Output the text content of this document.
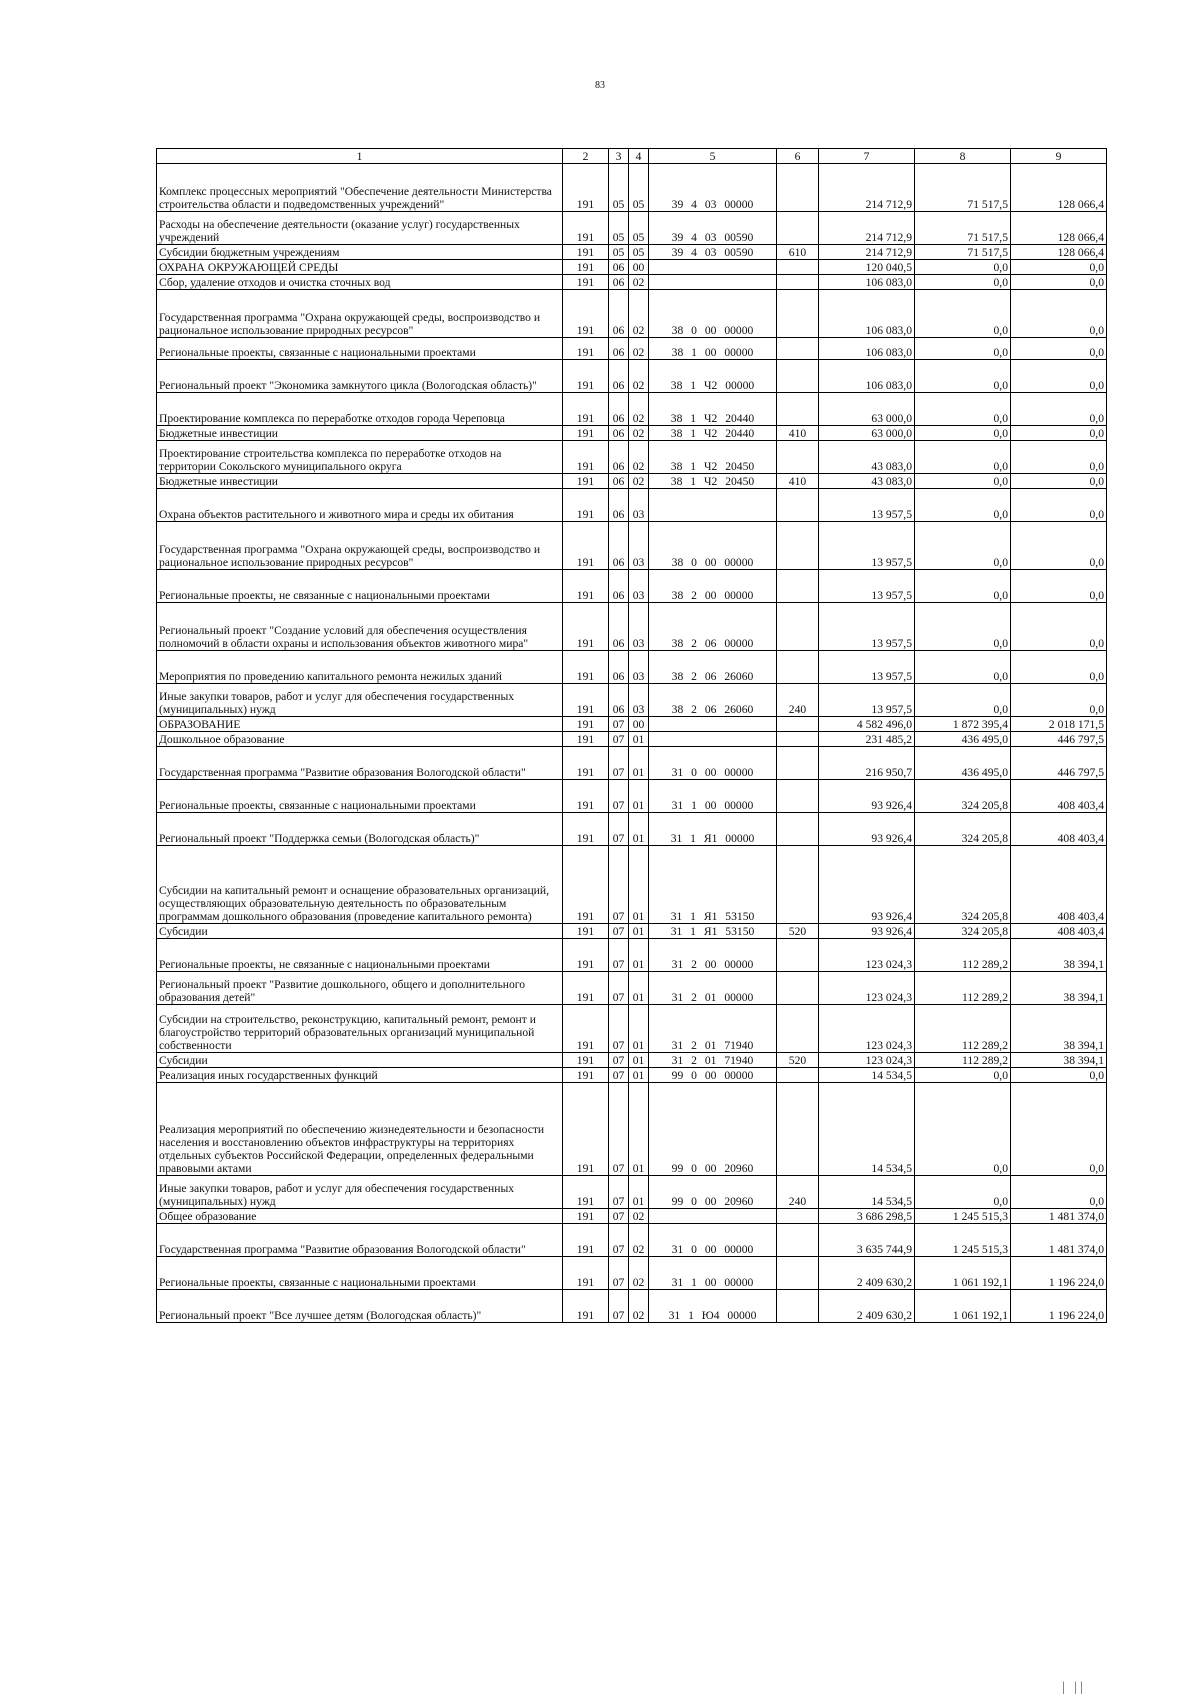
83
1	2	3	4	5	6	7	8	9
Комплекс процессных мероприятий "Обеспечение деятельности Министерства строительства области и подведомственных учреждений"	191	05	05	39 4 03 00000		214 712,9	71 517,5	128 066,4
Расходы на обеспечение деятельности (оказание услуг) государственных учреждений	191	05	05	39 4 03 00590		214 712,9	71 517,5	128 066,4
Субсидии бюджетным учреждениям	191	05	05	39 4 03 00590	610	214 712,9	71 517,5	128 066,4
ОХРАНА ОКРУЖАЮЩЕЙ СРЕДЫ	191	06	00			120 040,5	0,0	0,0
Сбор, удаление отходов и очистка сточных вод	191	06	02			106 083,0	0,0	0,0
Государственная программа "Охрана окружающей среды, воспроизводство и рациональное использование природных ресурсов"	191	06	02	38 0 00 00000		106 083,0	0,0	0,0
Региональные проекты, связанные с национальными проектами	191	06	02	38 1 00 00000		106 083,0	0,0	0,0
Региональный проект "Экономика замкнутого цикла (Вологодская область)"	191	06	02	38 1 Ч2 00000		106 083,0	0,0	0,0
Проектирование комплекса по переработке отходов города Череповца	191	06	02	38 1 Ч2 20440		63 000,0	0,0	0,0
Бюджетные инвестиции	191	06	02	38 1 Ч2 20440	410	63 000,0	0,0	0,0
Проектирование строительства комплекса по переработке отходов на территории Сокольского муниципального округа	191	06	02	38 1 Ч2 20450		43 083,0	0,0	0,0
Бюджетные инвестиции	191	06	02	38 1 Ч2 20450	410	43 083,0	0,0	0,0
Охрана объектов растительного и животного мира и среды их обитания	191	06	03			13 957,5	0,0	0,0
Государственная программа "Охрана окружающей среды, воспроизводство и рациональное использование природных ресурсов"	191	06	03	38 0 00 00000		13 957,5	0,0	0,0
Региональные проекты, не связанные с национальными проектами	191	06	03	38 2 00 00000		13 957,5	0,0	0,0
Региональный проект "Создание условий для обеспечения осуществления полномочий в области охраны и использования объектов животного мира"	191	06	03	38 2 06 00000		13 957,5	0,0	0,0
Мероприятия по проведению капитального ремонта нежилых зданий	191	06	03	38 2 06 26060		13 957,5	0,0	0,0
Иные закупки товаров, работ и услуг для обеспечения государственных (муниципальных) нужд	191	06	03	38 2 06 26060	240	13 957,5	0,0	0,0
ОБРАЗОВАНИЕ	191	07	00			4 582 496,0	1 872 395,4	2 018 171,5
Дошкольное образование	191	07	01			231 485,2	436 495,0	446 797,5
Государственная программа "Развитие образования Вологодской области"	191	07	01	31 0 00 00000		216 950,7	436 495,0	446 797,5
Региональные проекты, связанные с национальными проектами	191	07	01	31 1 00 00000		93 926,4	324 205,8	408 403,4
Региональный проект "Поддержка семьи (Вологодская область)"	191	07	01	31 1 Я1 00000		93 926,4	324 205,8	408 403,4
Субсидии на капитальный ремонт и оснащение образовательных организаций, осуществляющих образовательную деятельность по образовательным программам дошкольного образования (проведение капитального ремонта)	191	07	01	31 1 Я1 53150		93 926,4	324 205,8	408 403,4
Субсидии	191	07	01	31 1 Я1 53150	520	93 926,4	324 205,8	408 403,4
Региональные проекты, не связанные с национальными проектами	191	07	01	31 2 00 00000		123 024,3	112 289,2	38 394,1
Региональный проект "Развитие дошкольного, общего и дополнительного образования детей"	191	07	01	31 2 01 00000		123 024,3	112 289,2	38 394,1
Субсидии на строительство, реконструкцию, капитальный ремонт, ремонт и благоустройство территорий образовательных организаций муниципальной собственности	191	07	01	31 2 01 71940		123 024,3	112 289,2	38 394,1
Субсидии	191	07	01	31 2 01 71940	520	123 024,3	112 289,2	38 394,1
Реализация иных государственных функций	191	07	01	99 0 00 00000		14 534,5	0,0	0,0
Реализация мероприятий по обеспечению жизнедеятельности и безопасности населения и восстановлению объектов инфраструктуры на территориях отдельных субъектов Российской Федерации, определенных федеральными правовыми актами	191	07	01	99 0 00 20960		14 534,5	0,0	0,0
Иные закупки товаров, работ и услуг для обеспечения государственных (муниципальных) нужд	191	07	01	99 0 00 20960	240	14 534,5	0,0	0,0
Общее образование	191	07	02			3 686 298,5	1 245 515,3	1 481 374,0
Государственная программа "Развитие образования Вологодской области"	191	07	02	31 0 00 00000		3 635 744,9	1 245 515,3	1 481 374,0
Региональные проекты, связанные с национальными проектами	191	07	02	31 1 00 00000		2 409 630,2	1 061 192,1	1 196 224,0
Региональный проект "Все лучшее детям (Вологодская область)"	191	07	02	31 1 Ю4 00000		2 409 630,2	1 061 192,1	1 196 224,0
| ||
